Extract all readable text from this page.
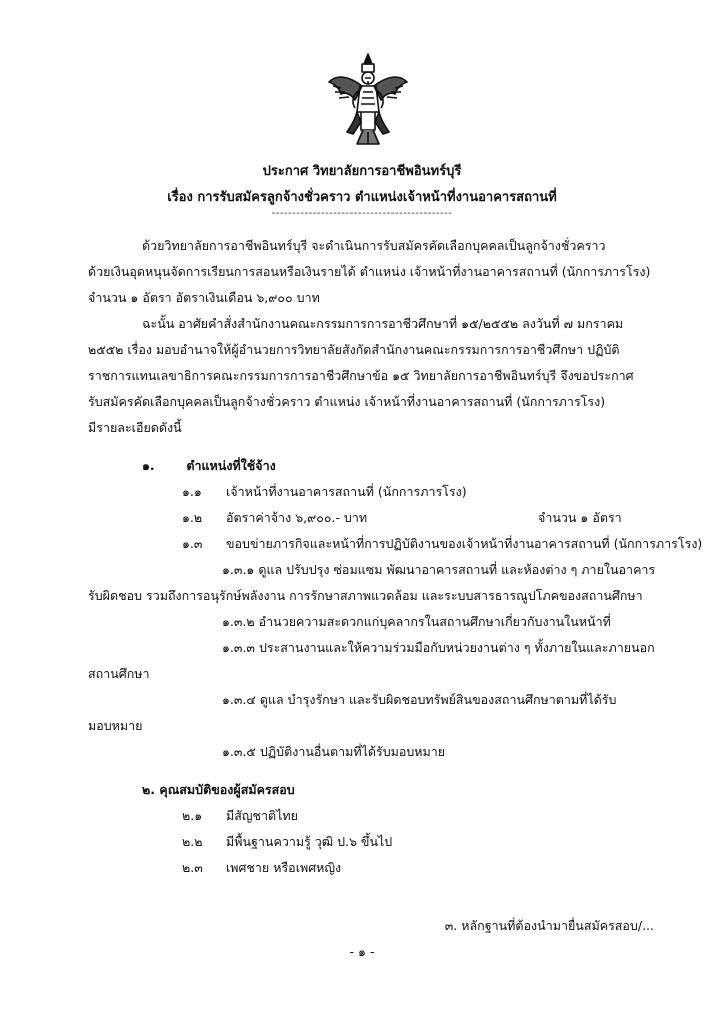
ประกาศ วิทยาลัยการอาชีพอินทร์บุรี
เรื่อง การรับสมัครลูกจ้างชั่วคราว ตำแหน่งเจ้าหน้าที่งานอาคารสถานที่
--------------------------------------------
ด้วยวิทยาลัยการอาชีพอินทร์บุรี จะดำเนินการรับสมัครคัดเลือกบุคคลเป็นลูกจ้างชั่วคราว
ด้วยเงินอุดหนุนจัดการเรียนการสอนหรือเงินรายได้ ตำแหน่ง เจ้าหน้าที่งานอาคารสถานที่ (นักการภารโรง)
จำนวน ๑ อัตรา อัตราเงินเดือน ๖,๙๐๐ บาท
ฉะนั้น อาศัยคำสั่งสำนักงานคณะกรรมการการอาชีวศึกษาที่ ๑๕/๒๕๕๒ ลงวันที่ ๗ มกราคม
๒๕๕๒ เรื่อง มอบอำนาจให้ผู้อำนวยการวิทยาลัยสังกัดสำนักงานคณะกรรมการการอาชีวศึกษา ปฏิบัติ
ราชการแทนเลขาธิการคณะกรรมการการอาชีวศึกษาข้อ ๑๕ วิทยาลัยการอาชีพอินทร์บุรี จึงขอประกาศ
รับสมัครคัดเลือกบุคคลเป็นลูกจ้างชั่วคราว ตำแหน่ง เจ้าหน้าที่งานอาคารสถานที่ (นักการภารโรง)
มีรายละเอียดดังนี้
๑.	ตำแหน่งที่ใช้จ้าง
๑.๑ เจ้าหน้าที่งานอาคารสถานที่ (นักการภารโรง)
๑.๒ อัตราค่าจ้าง ๖,๙๐๐.- บาท	จำนวน ๑ อัตรา
๑.๓ ขอบข่ายภารกิจและหน้าที่การปฏิบัติงานของเจ้าหน้าที่งานอาคารสถานที่ (นักการภารโรง)
๑.๓.๑ ดูแล ปรับปรุง ซ่อมแซม พัฒนาอาคารสถานที่ และห้องต่าง ๆ ภายในอาคาร
รับผิดชอบ รวมถึงการอนุรักษ์พลังงาน การรักษาสภาพแวดล้อม และระบบสารธารณูปโภคของสถานศึกษา
๑.๓.๒ อำนวยความสะดวกแก่บุคลากรในสถานศึกษาเกี่ยวกับงานในหน้าที่
๑.๓.๓ ประสานงานและให้ความร่วมมือกับหน่วยงานต่าง ๆ ทั้งภายในและภายนอก
สถานศึกษา
๑.๓.๔ ดูแล บำรุงรักษา และรับผิดชอบทรัพย์สินของสถานศึกษาตามที่ได้รับ
มอบหมาย
๑.๓.๕ ปฏิบัติงานอื่นตามที่ได้รับมอบหมาย
๒. คุณสมบัติของผู้สมัครสอบ
๒.๑ มีสัญชาติไทย
๒.๒ มีพื้นฐานความรู้ วุฒิ ป.๖ ขึ้นไป
๒.๓ เพศชาย หรือเพศหญิง
๓. หลักฐานที่ต้องนำมายื่นสมัครสอบ/...
- ๑ -
